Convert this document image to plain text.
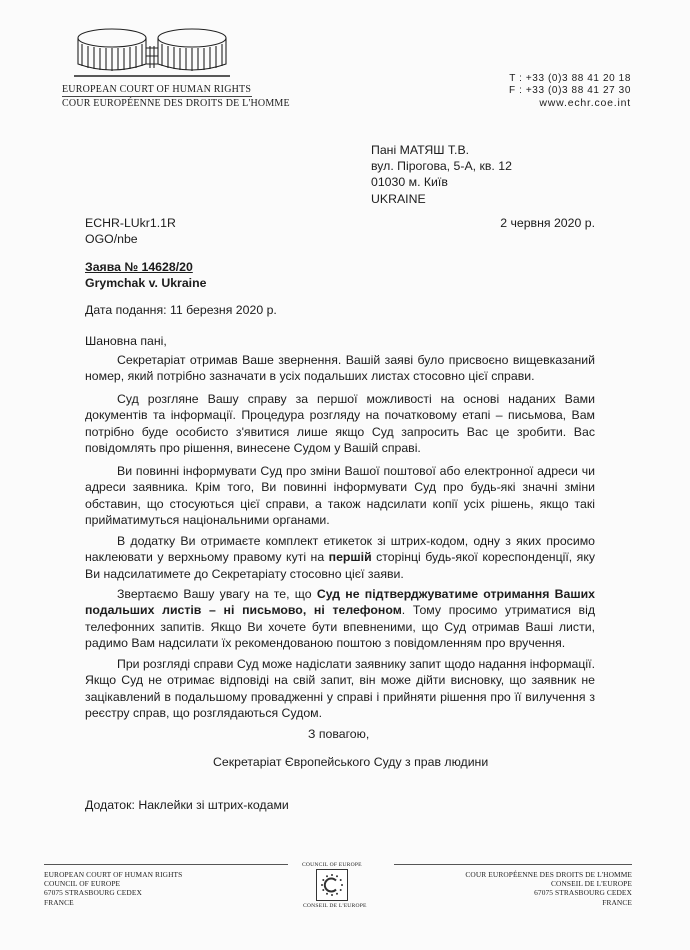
EUROPEAN COURT OF HUMAN RIGHTS
COUR EUROPÉENNE DES DROITS DE L'HOMME
T : +33 (0)3 88 41 20 18
F : +33 (0)3 88 41 27 30
www.echr.coe.int
Пані МАТЯШ Т.В.
вул. Пірогова, 5-А, кв. 12
01030 м. Київ
UKRAINE
ECHR-LUkr1.1R
OGO/nbe
2 червня 2020 р.
Заява № 14628/20
Grymchak v. Ukraine
Дата подання: 11 березня 2020 р.
Шановна пані,
Секретаріат отримав Ваше звернення. Вашій заяві було присвоєно вищевказаний номер, який потрібно зазначати в усіх подальших листах стосовно цієї справи.
Суд розгляне Вашу справу за першої можливості на основі наданих Вами документів та інформації. Процедура розгляду на початковому етапі – письмова, Вам потрібно буде особисто з'явитися лише якщо Суд запросить Вас це зробити. Вас повідомлять про рішення, винесене Судом у Вашій справі.
Ви повинні інформувати Суд про зміни Вашої поштової або електронної адреси чи адреси заявника. Крім того, Ви повинні інформувати Суд про будь-які значні зміни обставин, що стосуються цієї справи, а також надсилати копії усіх рішень, якщо такі прийматимуться національними органами.
В додатку Ви отримаєте комплект етикеток зі штрих-кодом, одну з яких просимо наклеювати у верхньому правому куті на першій сторінці будь-якої кореспонденції, яку Ви надсилатимете до Секретаріату стосовно цієї заяви.
Звертаємо Вашу увагу на те, що Суд не підтверджуватиме отримання Ваших подальших листів – ні письмово, ні телефоном. Тому просимо утриматися від телефонних запитів. Якщо Ви хочете бути впевненими, що Суд отримав Ваші листи, радимо Вам надсилати їх рекомендованою поштою з повідомленням про вручення.
При розгляді справи Суд може надіслати заявнику запит щодо надання інформації. Якщо Суд не отримає відповіді на свій запит, він може дійти висновку, що заявник не зацікавлений в подальшому провадженні у справі і прийняти рішення про її вилучення з реєстру справ, що розглядаються Судом.
З повагою,
Секретаріат Європейського Суду з прав людини
Додаток: Наклейки зі штрих-кодами
EUROPEAN COURT OF HUMAN RIGHTS
COUNCIL OF EUROPE
67075 STRASBOURG CEDEX
FRANCE
COUNCIL OF EUROPE
CONSEIL DE L'EUROPE
COUR EUROPÉENNE DES DROITS DE L'HOMME
CONSEIL DE L'EUROPE
67075 STRASBOURG CEDEX
FRANCE
